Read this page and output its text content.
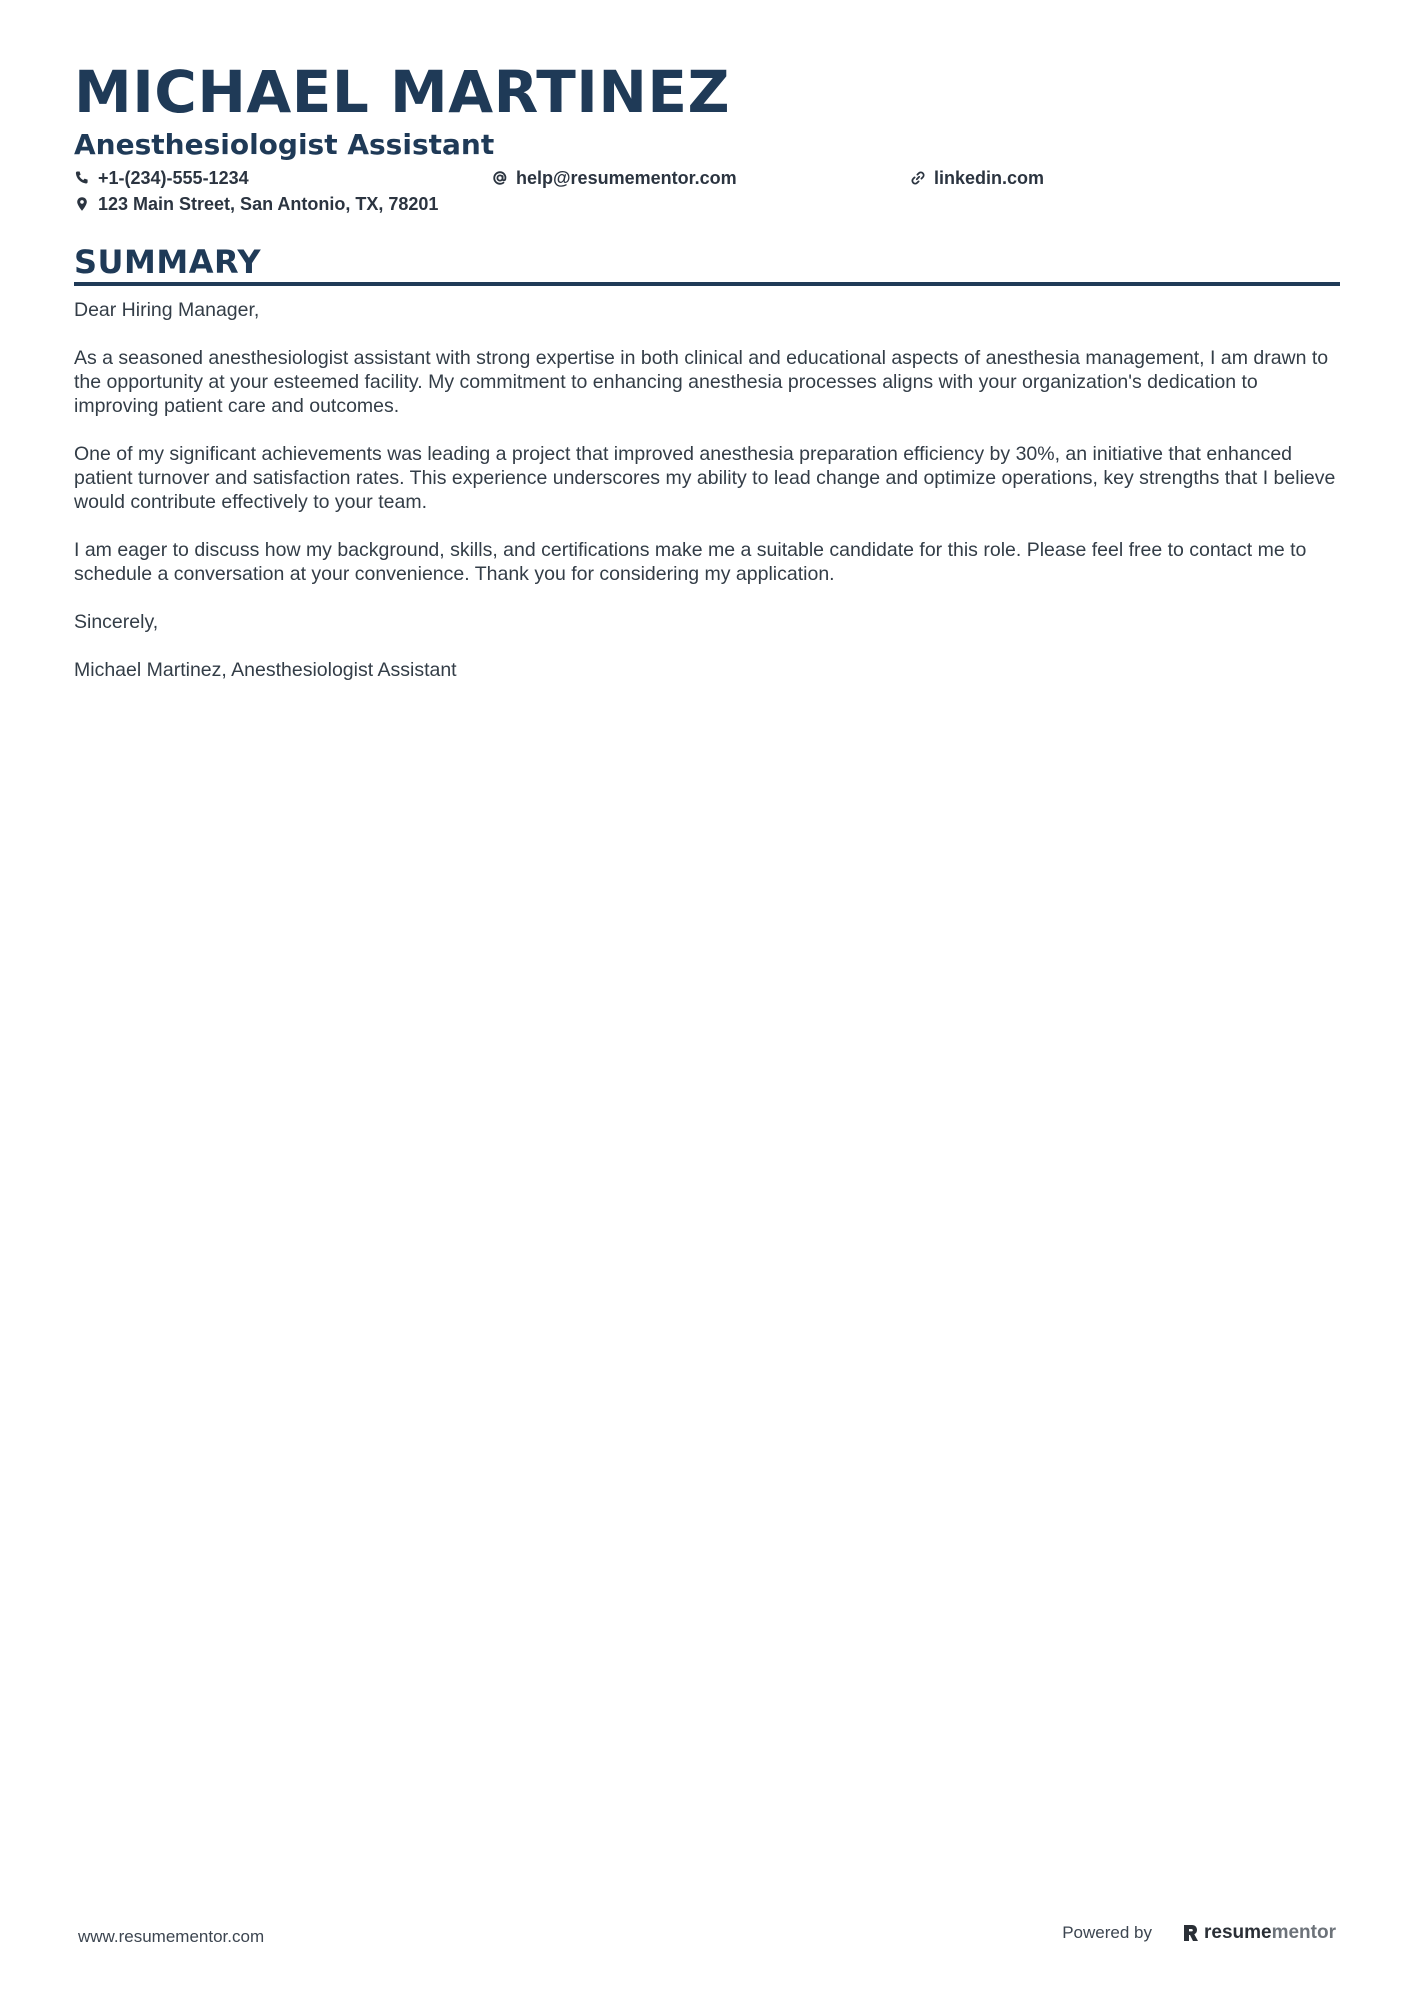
MICHAEL MARTINEZ
Anesthesiologist Assistant
+1-(234)-555-1234	help@resumementor.com	linkedin.com
123 Main Street, San Antonio, TX, 78201
SUMMARY

Dear Hiring Manager,

As a seasoned anesthesiologist assistant with strong expertise in both clinical and educational aspects of anesthesia management, I am drawn to the opportunity at your esteemed facility. My commitment to enhancing anesthesia processes aligns with your organization's dedication to improving patient care and outcomes.

One of my significant achievements was leading a project that improved anesthesia preparation efficiency by 30%, an initiative that enhanced patient turnover and satisfaction rates. This experience underscores my ability to lead change and optimize operations, key strengths that I believe would contribute effectively to your team.

I am eager to discuss how my background, skills, and certifications make me a suitable candidate for this role. Please feel free to contact me to schedule a conversation at your convenience. Thank you for considering my application.

Sincerely,

Michael Martinez, Anesthesiologist Assistant

www.resumementor.com	Powered by	resume mentor
